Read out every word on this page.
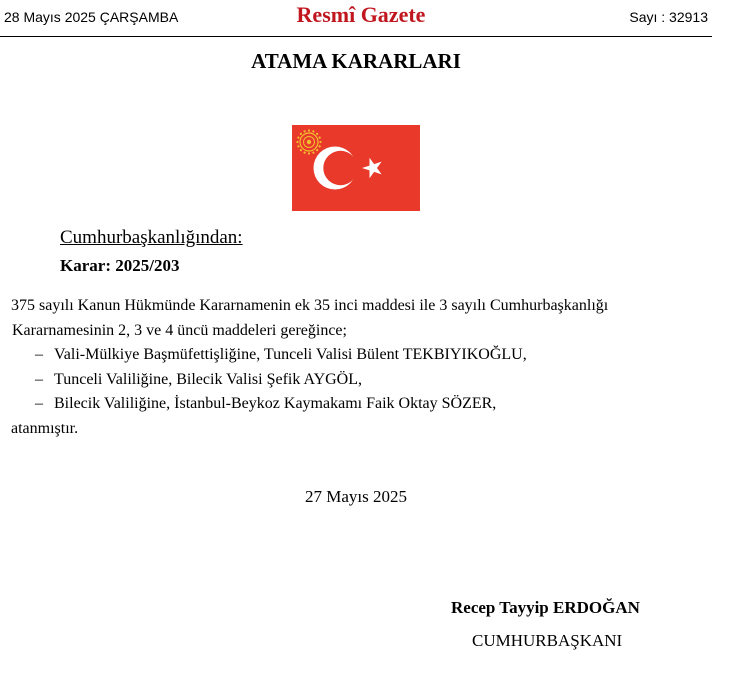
28 Mayıs 2025 ÇARŞAMBA	Resmî Gazete	Sayı : 32913
ATAMA KARARLARI
Cumhurbaşkanlığından:
Karar: 2025/203

375 sayılı Kanun Hükmünde Kararnamenin ek 35 inci maddesi ile 3 sayılı Cumhurbaşkanlığı

Kararnamesinin 2, 3 ve 4 üncü maddeleri gereğince;

– Vali-Mülkiye Başmüfettişliğine, Tunceli Valisi Bülent TEKBIYIKOĞLU,

– Tunceli Valiliğine, Bilecik Valisi Şefik AYGÖL,

– Bilecik Valiliğine, İstanbul-Beykoz Kaymakamı Faik Oktay SÖZER,

atanmıştır.

27 Mayıs 2025
Recep Tayyip ERDOĞAN
CUMHURBAŞKANI
